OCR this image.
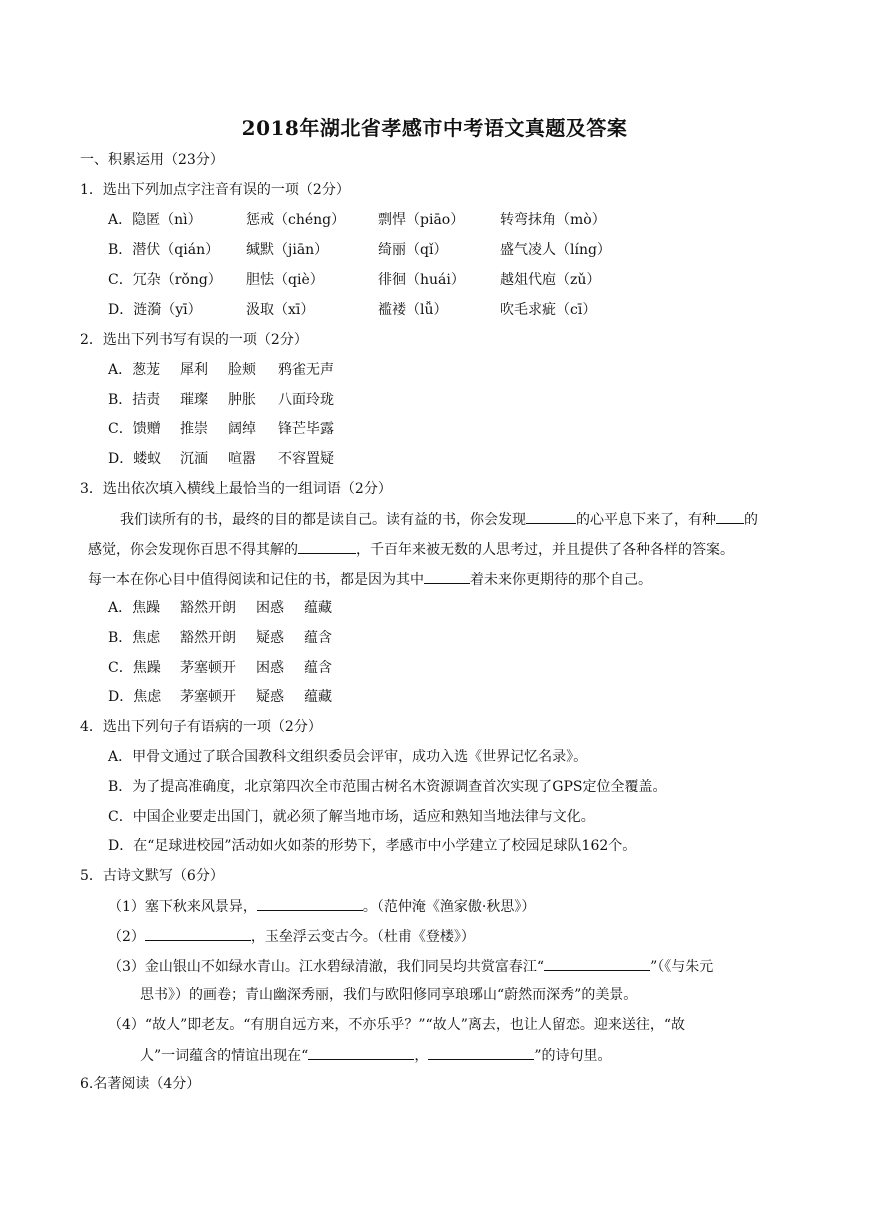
2018年湖北省孝感市中考语文真题及答案
一、积累运用（23分）
1．选出下列加点字注音有误的一项（2分）
A．隐匿（nì）	惩戒（chéng） 剽悍（piāo）	转弯抹角（mò）
B．潜伏（qián） 缄默（jiān）	绮丽（qǐ）	盛气凌人（líng）
C．冗杂（rǒng） 胆怯（qiè）	徘徊（huái）	越俎代庖（zǔ）
D．涟漪（yī）	汲取（xī）	褴褛（lǚ）	吹毛求疵（cī）
2．选出下列书写有误的一项（2分）
A．葱茏 犀利 脸颊 鸦雀无声
B．拮责 璀璨 肿胀 八面玲珑
C．馈赠 推崇 阔绰 锋芒毕露
D．蝼蚁 沉湎 喧嚣 不容置疑
3．选出依次填入横线上最恰当的一组词语（2分）
我们读所有的书，最终的目的都是读自己。读有益的书，你会发现	的心平息下来了，有种 的
感觉，你会发现你百思不得其解的	，千百年来被无数的人思考过，并且提供了各种各样的答案。
每一本在你心目中值得阅读和记住的书，都是因为其中	着未来你更期待的那个自己。
A．焦躁 豁然开朗 困惑 蕴藏
B．焦虑 豁然开朗 疑惑 蕴含
C．焦躁 茅塞顿开 困惑 蕴含
D．焦虑 茅塞顿开 疑惑 蕴藏
4．选出下列句子有语病的一项（2分）
A．甲骨文通过了联合国教科文组织委员会评审，成功入选《世界记忆名录》。
B．为了提高准确度，北京第四次全市范围古树名木资源调查首次实现了GPS定位全覆盖。
C．中国企业要走出国门，就必须了解当地市场，适应和熟知当地法律与文化。
D．在“足球进校园”活动如火如荼的形势下，孝感市中小学建立了校园足球队162个。
5．古诗文默写（6分）
（1）塞下秋来风景异，	。（范仲淹《渔家傲·秋思》）
（2）	，玉垒浮云变古今。（杜甫《登楼》）
（3）金山银山不如绿水青山。江水碧绿清澈，我们同吴均共赏富春江“	”（《与朱元
思书》）的画卷；青山幽深秀丽，我们与欧阳修同享琅琊山“蔚然而深秀”的美景。
（4）“故人”即老友。“有朋自远方来，不亦乐乎？”“故人”离去，也让人留恋。迎来送往，“故
人”一词蕴含的情谊出现在“	，	”的诗句里。
6.名著阅读（4分）
